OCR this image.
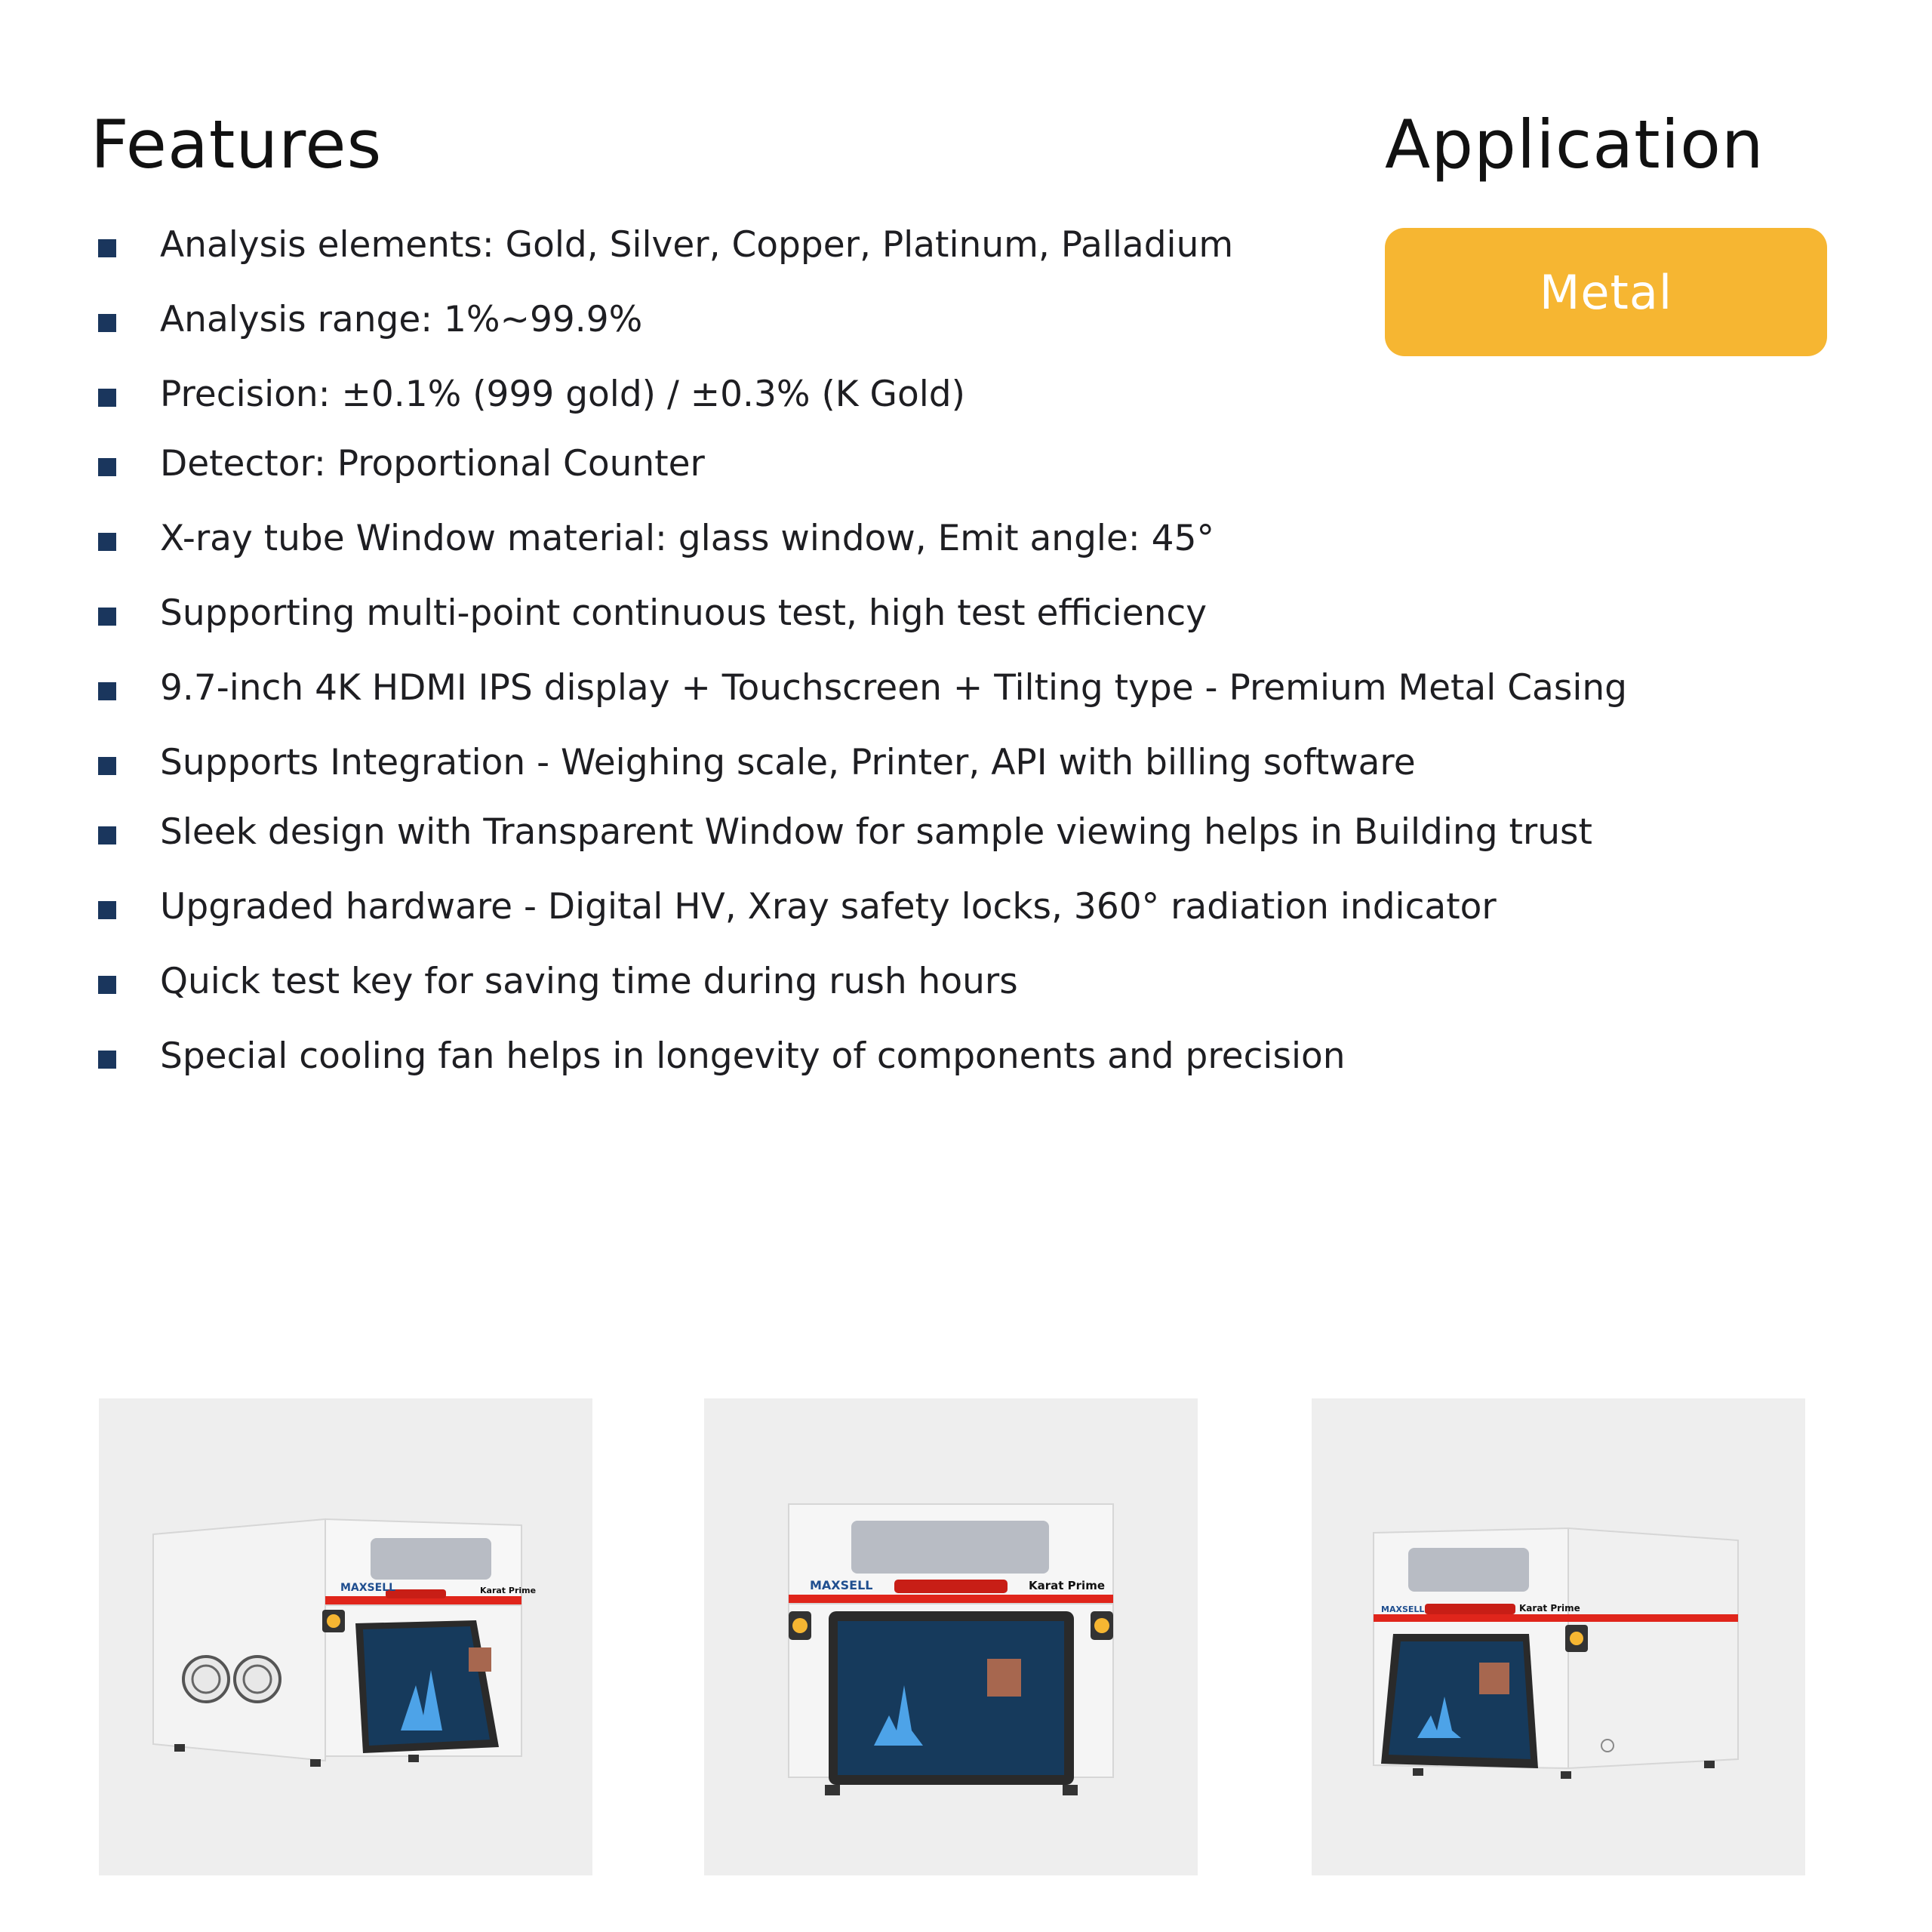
Features	Application
Metal
Analysis elements: Gold, Silver, Copper, Platinum, Palladium
Analysis range: 1%~99.9%
Precision: ±0.1% (999 gold) / ±0.3% (K Gold)
Detector: Proportional Counter
X-ray tube Window material: glass window, Emit angle: 45°
Supporting multi-point continuous test, high test efficiency
9.7-inch 4K HDMI IPS display + Touchscreen + Tilting type - Premium Metal Casing
Supports Integration - Weighing scale, Printer, API with billing software
Sleek design with Transparent Window for sample viewing helps in Building trust
Upgraded hardware - Digital HV, Xray safety locks, 360° radiation indicator
Quick test key for saving time during rush hours
Special cooling fan helps in longevity of components and precision
MAXSELL	Karat Prime	MAXSELL	Karat Prime
MAXSELL	Karat Prime
